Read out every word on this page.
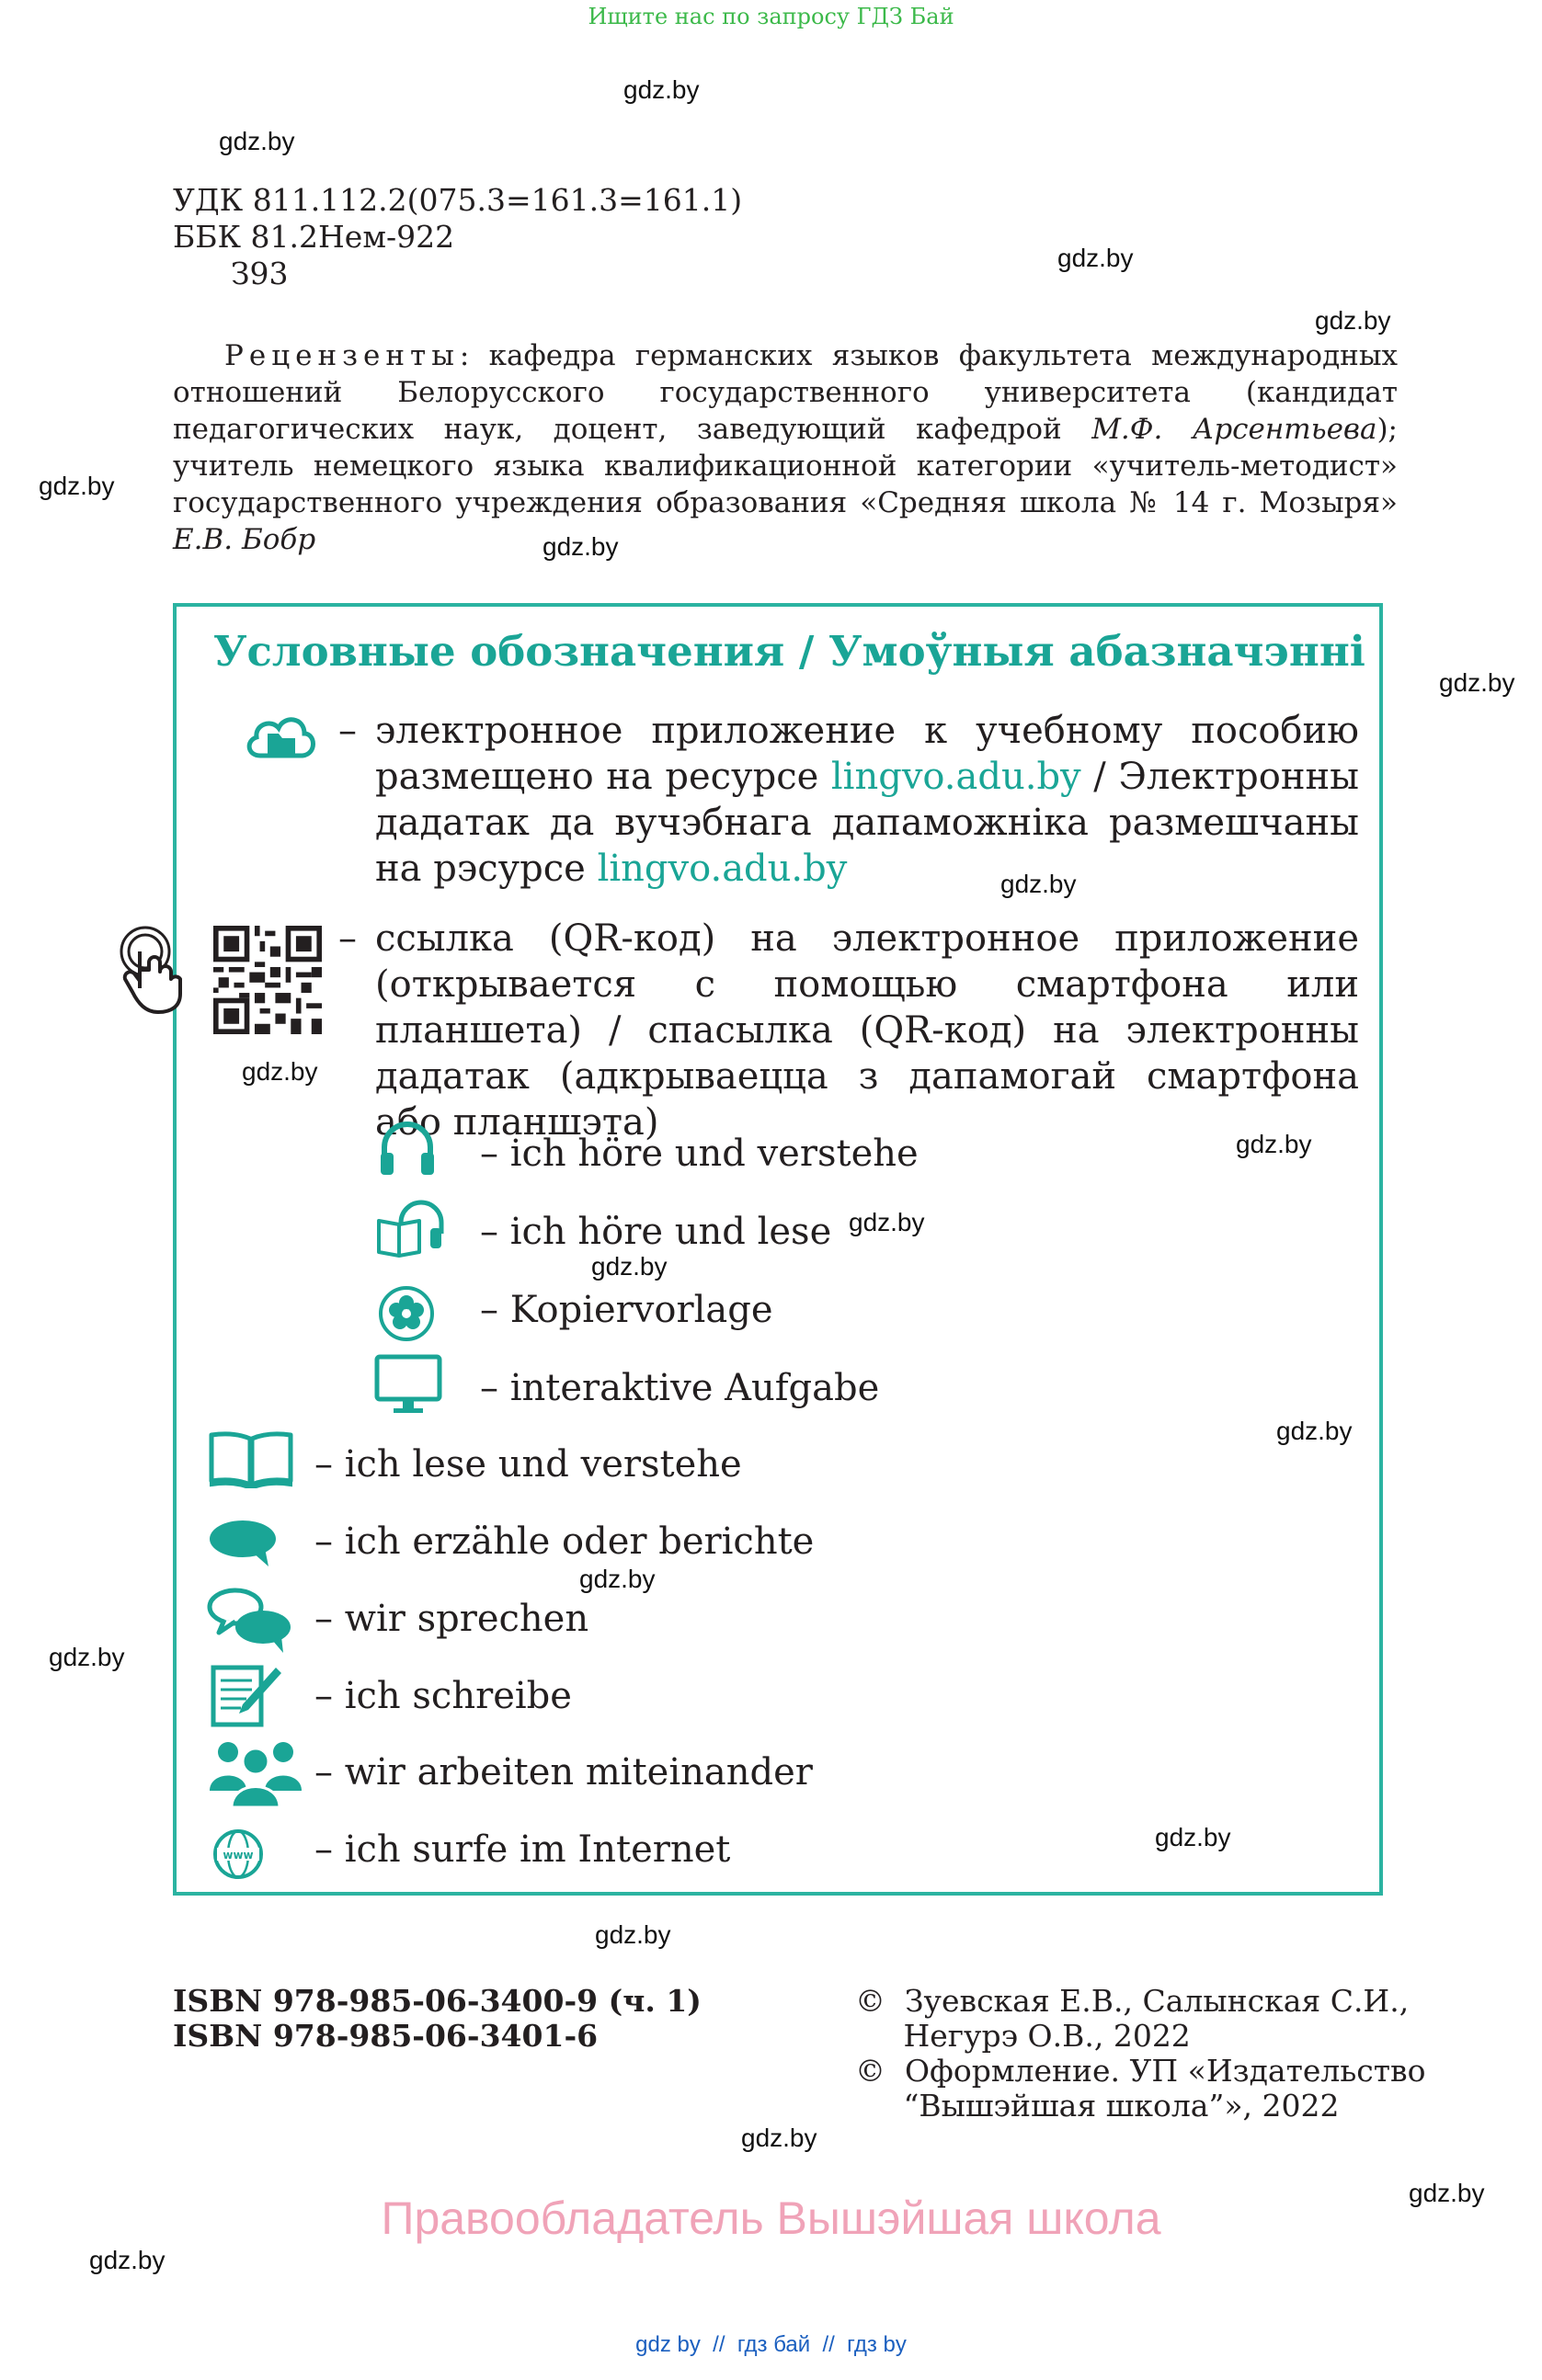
Ищите нас по запросу ГДЗ Бай
gdz.by
gdz.by
gdz.by
gdz.by
gdz.by
gdz.by
gdz.by
gdz.by
gdz.by
gdz.by
gdz.by
gdz.by
gdz.by
gdz.by
gdz.by
gdz.by
gdz.by
gdz.by
gdz.by
gdz.by
УДК 811.112.2(075.3=161.3=161.1)
ББК 81.2Нем-922
З93
Рецензенты: кафедра германских языков факультета международных отношений Белорусского государственного университета (кандидат педагогических наук, доцент, заведующий кафедрой М.Ф. Арсентьева); учитель немецкого языка квалификационной категории «учитель-методист» государственного учреждения образования «Средняя школа № 14 г. Мозыря» Е.В. Бобр
Условные обозначения / Умоўныя абазначэнні
– электронное приложение к учебному пособию размещено на ресурсе lingvo.adu.by / Электронны дадатак да вучэбнага дапаможніка размешчаны на рэсурсе lingvo.adu.by
– ссылка (QR-код) на электронное приложение (открывается с помощью смартфона или планшета) / спасылка (QR-код) на электронны дадатак (адкрываецца з дапамогай смартфона або планшэта)
– ich höre und verstehe
– ich höre und lese
– Kopiervorlage
– interaktive Aufgabe
– ich lese und verstehe
– ich erzähle oder berichte
– wir sprechen
– ich schreibe
– wir arbeiten miteinander
www – ich surfe im Internet
ISBN 978-985-06-3400-9 (ч. 1)
ISBN 978-985-06-3401-6
©  Зуевская Е.В., Салынская С.И.,
Негурэ О.В., 2022
©  Оформление. УП «Издательство
“Вышэйшая школа”», 2022
Правообладатель Вышэйшая школа
gdz by  //  гдз бай  //  гдз by
